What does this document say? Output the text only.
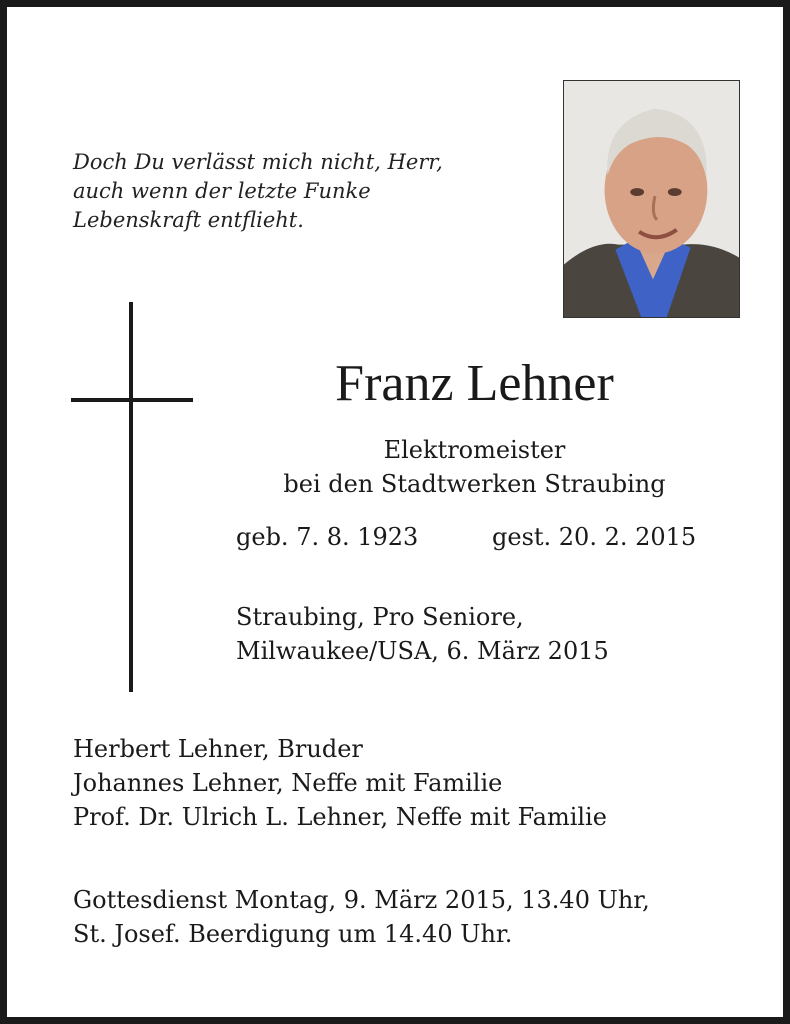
Doch Du verlässt mich nicht, Herr,
auch wenn der letzte Funke
Lebenskraft entflieht.
Franz Lehner
Elektromeister
bei den Stadtwerken Straubing
geb. 7. 8. 1923	gest. 20. 2. 2015
Straubing, Pro Seniore,
Milwaukee/USA, 6. März 2015
Herbert Lehner, Bruder
Johannes Lehner, Neffe mit Familie
Prof. Dr. Ulrich L. Lehner, Neffe mit Familie
Gottesdienst Montag, 9. März 2015, 13.40 Uhr,
St. Josef. Beerdigung um 14.40 Uhr.
